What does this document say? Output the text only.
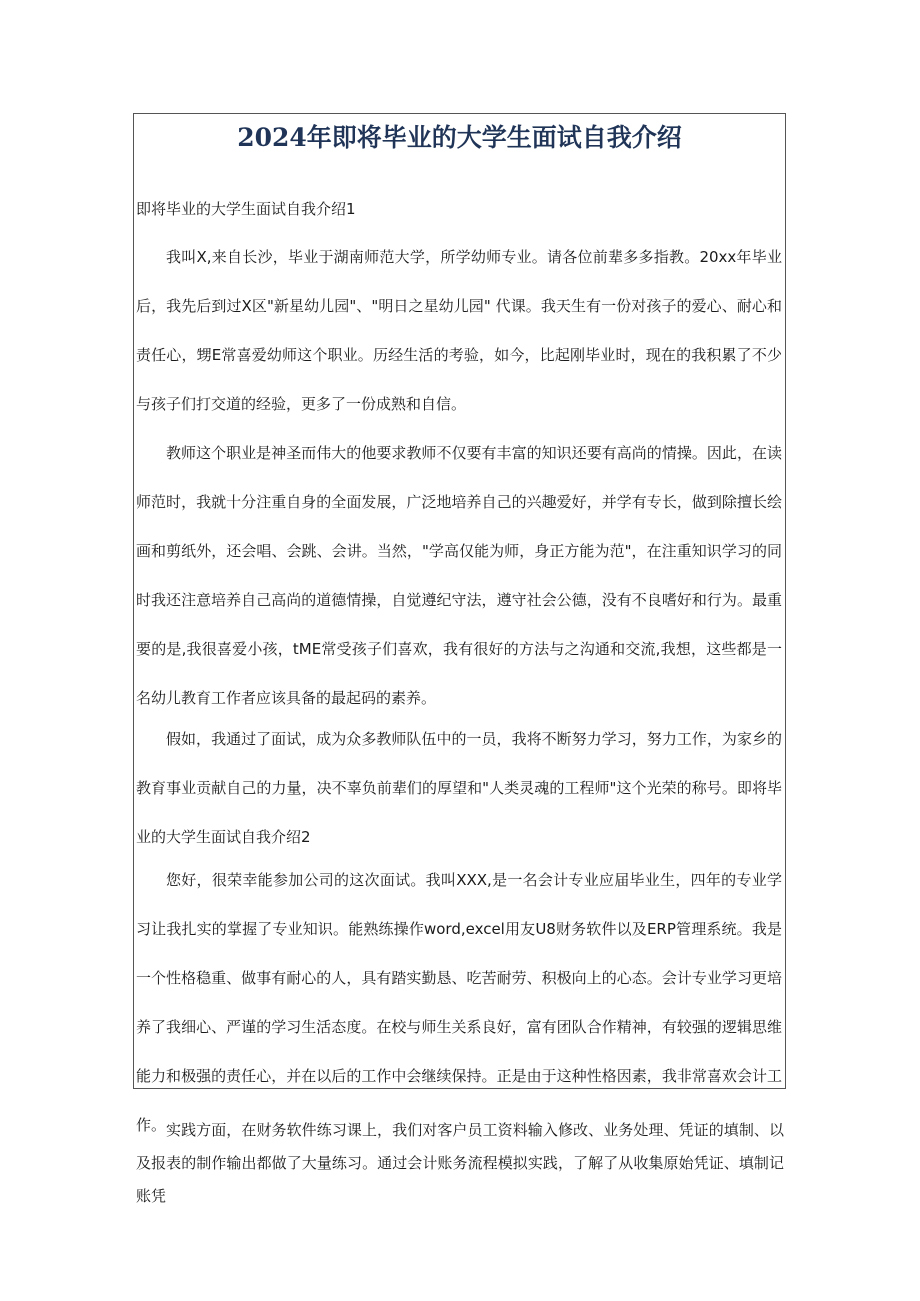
2024年即将毕业的大学生面试自我介绍

即将毕业的大学生面试自我介绍1

我叫X,来自长沙，毕业于湖南师范大学，所学幼师专业。请各位前辈多多指教。20xx年毕业后，我先后到过X区"新星幼儿园"、"明日之星幼儿园" 代课。我天生有一份对孩子的爱心、耐心和责任心，甥E常喜爱幼师这个职业。历经生活的考验，如今，比起刚毕业时，现在的我积累了不少与孩子们打交道的经验，更多了一份成熟和自信。

教师这个职业是神圣而伟大的他要求教师不仅要有丰富的知识还要有高尚的情操。因此，在读师范时，我就十分注重自身的全面发展，广泛地培养自己的兴趣爱好，并学有专长，做到除擅长绘画和剪纸外，还会唱、会跳、会讲。当然，"学高仅能为师，身正方能为范"，在注重知识学习的同时我还注意培养自己高尚的道德情操，自觉遵纪守法，遵守社会公德，没有不良嗜好和行为。最重要的是,我很喜爱小孩，tME常受孩子们喜欢，我有很好的方法与之沟通和交流,我想，这些都是一名幼儿教育工作者应该具备的最起码的素养。

假如，我通过了面试，成为众多教师队伍中的一员，我将不断努力学习，努力工作，为家乡的教育事业贡献自己的力量，决不辜负前辈们的厚望和"人类灵魂的工程师"这个光荣的称号。即将毕业的大学生面试自我介绍2

您好，很荣幸能参加公司的这次面试。我叫XXX,是一名会计专业应届毕业生，四年的专业学习让我扎实的掌握了专业知识。能熟练操作word,excel用友U8财务软件以及ERP管理系统。我是一个性格稳重、做事有耐心的人，具有踏实勤恳、吃苦耐劳、积极向上的心态。会计专业学习更培养了我细心、严谨的学习生活态度。在校与师生关系良好，富有团队合作精神，有较强的逻辑思维能力和极强的责任心，并在以后的工作中会继续保持。正是由于这种性格因素，我非常喜欢会计工作。 实践方面，在财务软件练习课上，我们对客户员工资料输入修改、业务处理、凭证的填制、以及报表的制作输出都做了大量练习。通过会计账务流程模拟实践，了解了从收集原始凭证、填制记账凭
